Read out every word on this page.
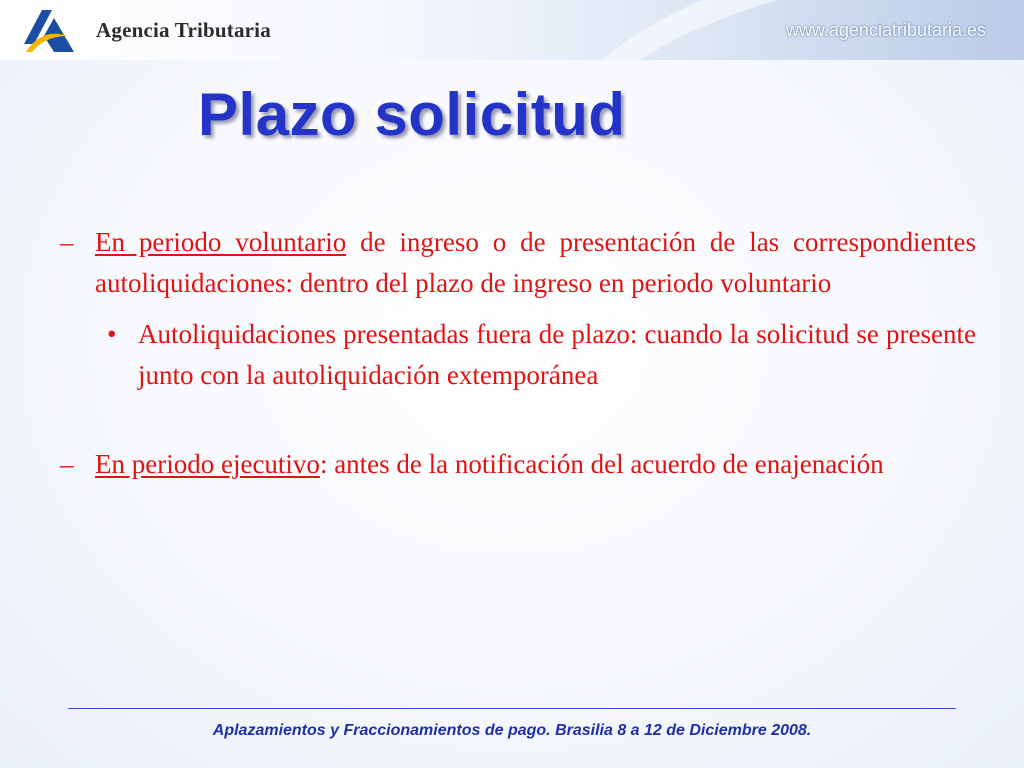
Agencia Tributaria	www.agenciatributaria.es
Plazo solicitud
– En periodo voluntario de ingreso o de presentación de las correspondientes autoliquidaciones: dentro del plazo de ingreso en periodo voluntario
• Autoliquidaciones presentadas fuera de plazo: cuando la solicitud se presente junto con la autoliquidación extemporánea
– En periodo ejecutivo: antes de la notificación del acuerdo de enajenación
Aplazamientos y Fraccionamientos de pago. Brasilia 8 a 12 de Diciembre 2008.
